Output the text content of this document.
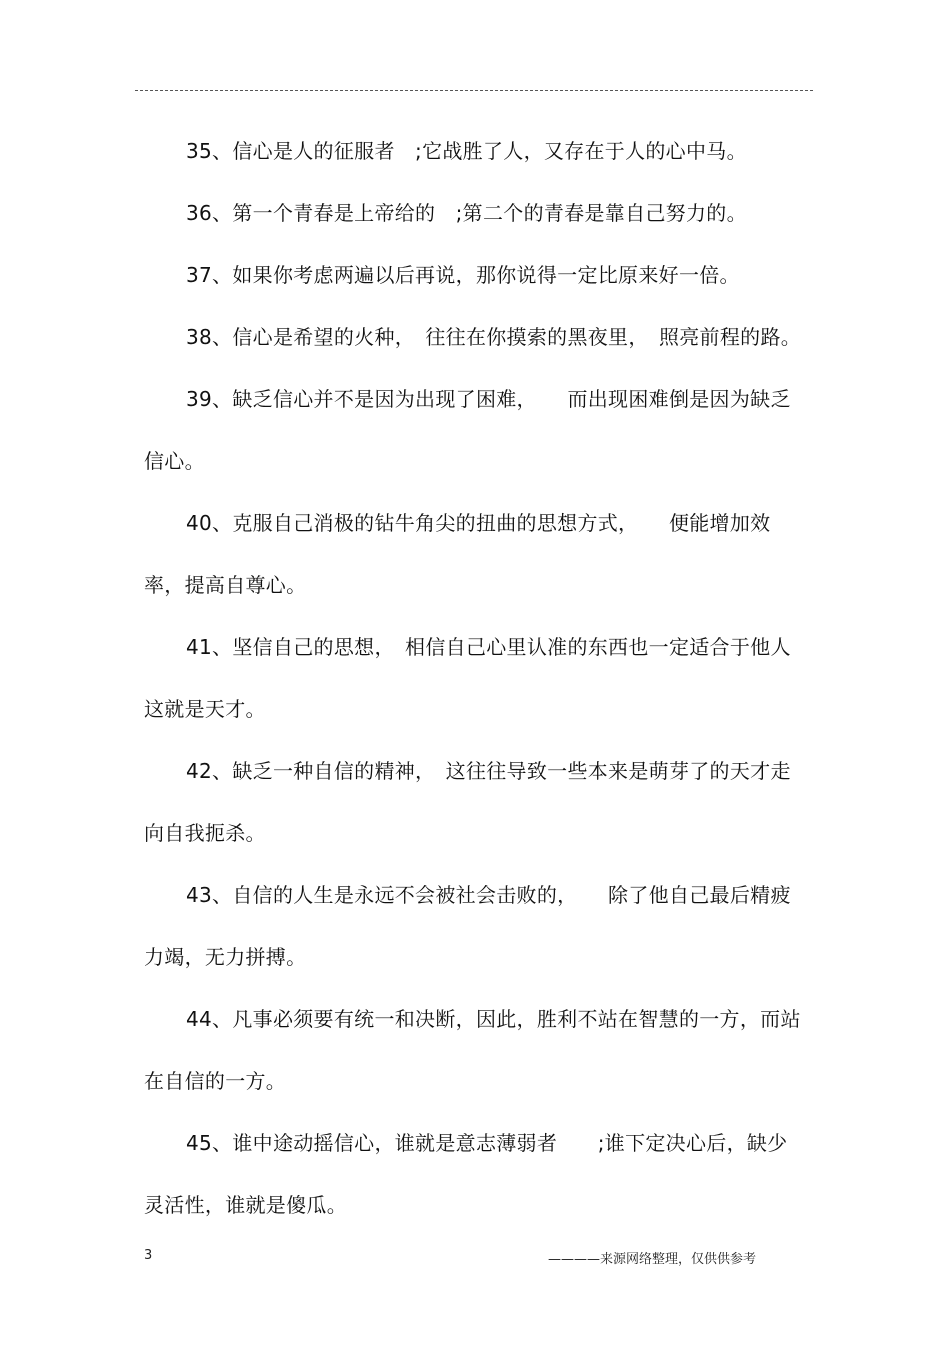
35、信心是人的征服者　;它战胜了人，又存在于人的心中马。

36、第一个青春是上帝给的　;第二个的青春是靠自己努力的。

37、如果你考虑两遍以后再说，那你说得一定比原来好一倍。

38、信心是希望的火种，　往往在你摸索的黑夜里，　照亮前程的路。

39、缺乏信心并不是因为出现了困难，　　而出现困难倒是因为缺乏信心。

40、克服自己消极的钻牛角尖的扭曲的思想方式，　　便能增加效率，提高自尊心。

41、坚信自己的思想，　相信自己心里认准的东西也一定适合于他人这就是天才。

42、缺乏一种自信的精神，　这往往导致一些本来是萌芽了的天才走向自我扼杀。

43、自信的人生是永远不会被社会击败的，　　除了他自己最后精疲力竭，无力拼搏。

44、凡事必须要有统一和决断，因此，胜利不站在智慧的一方，而站在自信的一方。

45、谁中途动摇信心，谁就是意志薄弱者　　;谁下定决心后，缺少灵活性，谁就是傻瓜。

3	————来源网络整理，仅供供参考
